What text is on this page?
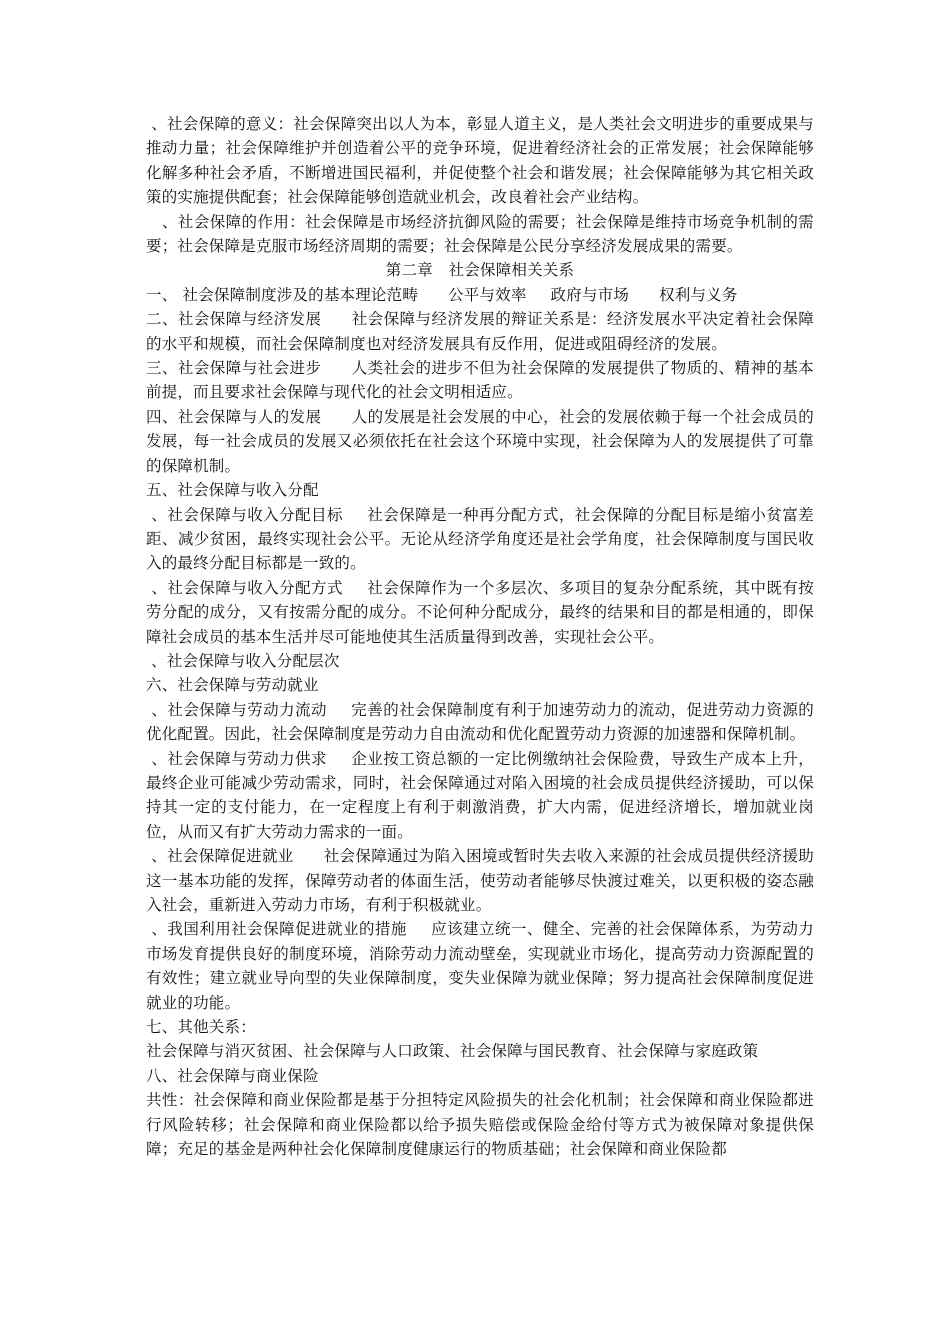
、社会保障的意义：社会保障突出以人为本，彰显人道主义，是人类社会文明进步的重要成果与推动力量；社会保障维护并创造着公平的竞争环境，促进着经济社会的正常发展；社会保障能够化解多种社会矛盾，不断增进国民福利，并促使整个社会和谐发展；社会保障能够为其它相关政策的实施提供配套；社会保障能够创造就业机会，改良着社会产业结构。

、社会保障的作用：社会保障是市场经济抗御风险的需要；社会保障是维持市场竞争机制的需要；社会保障是克服市场经济周期的需要；社会保障是公民分享经济发展成果的需要。

第二章　社会保障相关关系

一、 社会保障制度涉及的基本理论范畴 公平与效率 政府与市场 权利与义务

二、社会保障与经济发展 社会保障与经济发展的辩证关系是：经济发展水平决定着社会保障的水平和规模，而社会保障制度也对经济发展具有反作用，促进或阻碍经济的发展。

三、社会保障与社会进步 人类社会的进步不但为社会保障的发展提供了物质的、精神的基本前提，而且要求社会保障与现代化的社会文明相适应。

四、社会保障与人的发展 人的发展是社会发展的中心，社会的发展依赖于每一个社会成员的发展，每一社会成员的发展又必须依托在社会这个环境中实现，社会保障为人的发展提供了可靠的保障机制。

五、社会保障与收入分配

、社会保障与收入分配目标 社会保障是一种再分配方式，社会保障的分配目标是缩小贫富差距、减少贫困，最终实现社会公平。无论从经济学角度还是社会学角度，社会保障制度与国民收入的最终分配目标都是一致的。

、社会保障与收入分配方式 社会保障作为一个多层次、多项目的复杂分配系统，其中既有按劳分配的成分，又有按需分配的成分。不论何种分配成分，最终的结果和目的都是相通的，即保障社会成员的基本生活并尽可能地使其生活质量得到改善，实现社会公平。

、社会保障与收入分配层次

六、社会保障与劳动就业

、社会保障与劳动力流动 完善的社会保障制度有利于加速劳动力的流动，促进劳动力资源的优化配置。因此，社会保障制度是劳动力自由流动和优化配置劳动力资源的加速器和保障机制。

、社会保障与劳动力供求 企业按工资总额的一定比例缴纳社会保险费，导致生产成本上升，最终企业可能减少劳动需求，同时，社会保障通过对陷入困境的社会成员提供经济援助，可以保持其一定的支付能力，在一定程度上有利于刺激消费，扩大内需，促进经济增长，增加就业岗位，从而又有扩大劳动力需求的一面。

、社会保障促进就业 社会保障通过为陷入困境或暂时失去收入来源的社会成员提供经济援助这一基本功能的发挥，保障劳动者的体面生活，使劳动者能够尽快渡过难关，以更积极的姿态融入社会，重新进入劳动力市场，有利于积极就业。

、我国利用社会保障促进就业的措施 应该建立统一、健全、完善的社会保障体系，为劳动力市场发育提供良好的制度环境，消除劳动力流动壁垒，实现就业市场化，提高劳动力资源配置的有效性；建立就业导向型的失业保障制度，变失业保障为就业保障；努力提高社会保障制度促进就业的功能。

七、其他关系：

社会保障与消灭贫困、社会保障与人口政策、社会保障与国民教育、社会保障与家庭政策

八、社会保障与商业保险

共性：社会保障和商业保险都是基于分担特定风险损失的社会化机制；社会保障和商业保险都进行风险转移；社会保障和商业保险都以给予损失赔偿或保险金给付等方式为被保障对象提供保障；充足的基金是两种社会化保障制度健康运行的物质基础；社会保障和商业保险都
